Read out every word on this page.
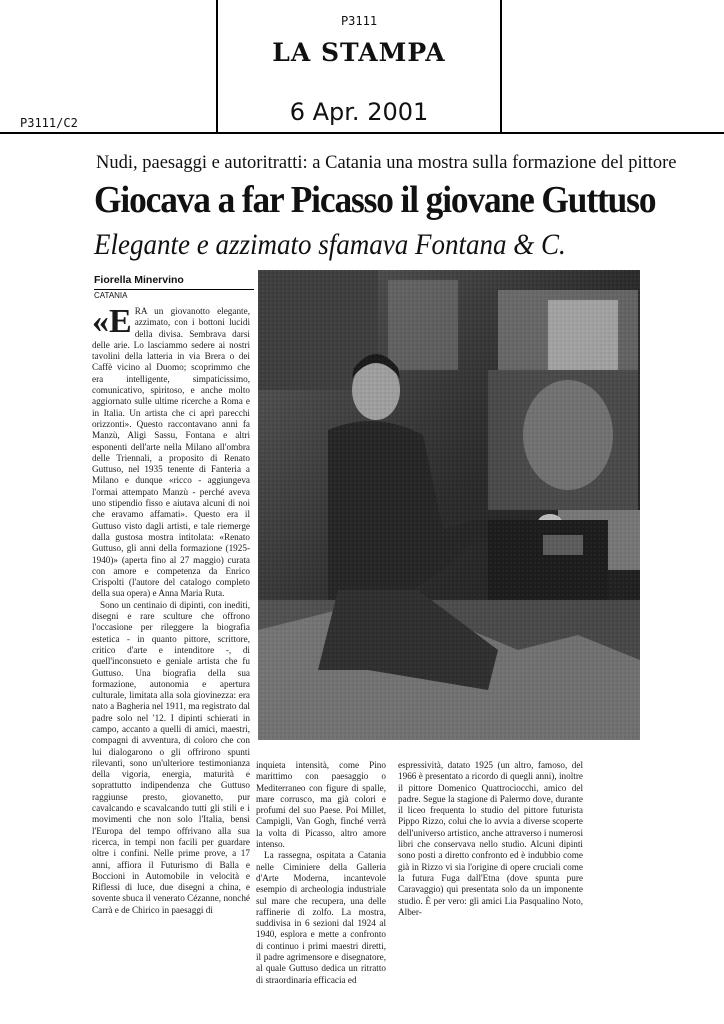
P3111
P3111/C2
LA STAMPA
6 Apr. 2001
Nudi, paesaggi e autoritratti: a Catania una mostra sulla formazione del pittore
Giocava a far Picasso il giovane Guttuso
Elegante e azzimato sfamava Fontana & C.
Fiorella Minervino
CATANIA
«E RA un giovanotto elegante, azzimato, con i bottoni lucidi della divisa. Sembrava darsi delle arie. Lo lasciammo sedere ai nostri tavolini della latteria in via Brera o dei Caffè vicino al Duomo; scoprimmo che era intelligente, simpaticissimo, comunicativo, spiritoso, e anche molto aggiornato sulle ultime ricerche a Roma e in Italia. Un artista che ci aprì parecchi orizzonti». Questo raccontavano anni fa Manzù, Aligi Sassu, Fontana e altri esponenti dell'arte nella Milano all'ombra delle Triennali, a proposito di Renato Guttuso, nel 1935 tenente di Fanteria a Milano e dunque «ricco - aggiungeva l'ormai attempato Manzù - perché aveva uno stipendio fisso e aiutava alcuni di noi che eravamo affamati». Questo era il Guttuso visto dagli artisti, e tale riemerge dalla gustosa mostra intitolata: «Renato Guttuso, gli anni della formazione (1925-1940)» (aperta fino al 27 maggio) curata con amore e competenza da Enrico Crispolti (l'autore del catalogo completo della sua opera) e Anna Maria Ruta.

Sono un centinaio di dipinti, con inediti, disegni e rare sculture che offrono l'occasione per rileggere la biografia estetica - in quanto pittore, scrittore, critico d'arte e intenditore -, di quell'inconsueto e geniale artista che fu Guttuso. Una biografia della sua formazione, autonomia e apertura culturale, limitata alla sola giovinezza: era nato a Bagheria nel 1911, ma registrato dal padre solo nel '12. I dipinti schierati in campo, accanto a quelli di amici, maestri, compagni di avventura, di coloro che con lui dialogarono o gli offrirono spunti rilevanti, sono un'ulteriore testimonianza della vigoria, energia, maturità e soprattutto indipendenza che Guttuso raggiunse presto, giovanetto, pur cavalcando e scavalcando tutti gli stili e i movimenti che non solo l'Italia, bensì l'Europa del tempo offrivano alla sua ricerca, in tempi non facili per guardare oltre i confini. Nelle prime prove, a 17 anni, affiora il Futurismo di Balla e Boccioni in Automobile in velocità e Riflessi di luce, due disegni a china, e sovente sbuca il venerato Cézanne, nonché Carrà e de Chirico in paesaggi di

inquieta intensità, come Pino marittimo con paesaggio o Mediterraneo con figure di spalle, mare corrusco, ma già colori e profumi del suo Paese. Poi Millet, Campigli, Van Gogh, finché verrà la volta di Picasso, altro amore intenso.

La rassegna, ospitata a Catania nelle Ciminiere della Galleria d'Arte Moderna, incantevole esempio di archeologia industriale sul mare che recupera, una delle raffinerie di zolfo. La mostra, suddivisa in 6 sezioni dal 1924 al 1940, esplora e mette a confronto di continuo i primi maestri diretti, il padre agrimensore e disegnatore, al quale Guttuso dedica un ritratto di straordinaria efficacia ed

espressività, datato 1925 (un altro, famoso, del 1966 è presentato a ricordo di quegli anni), inoltre il pittore Domenico Quattrociocchi, amico del padre. Segue la stagione di Palermo dove, durante il liceo frequenta lo studio del pittore futurista Pippo Rizzo, colui che lo avvia a diverse scoperte dell'universo artistico, anche attraverso i numerosi libri che conservava nello studio. Alcuni dipinti sono posti a diretto confronto ed è indubbio come già in Rizzo vi sia l'origine di opere cruciali come la futura Fuga dall'Etna (dove spunta pure Caravaggio) qui presentata solo da un imponente studio. È per vero: gli amici Lia Pasqualino Noto, Alber-
